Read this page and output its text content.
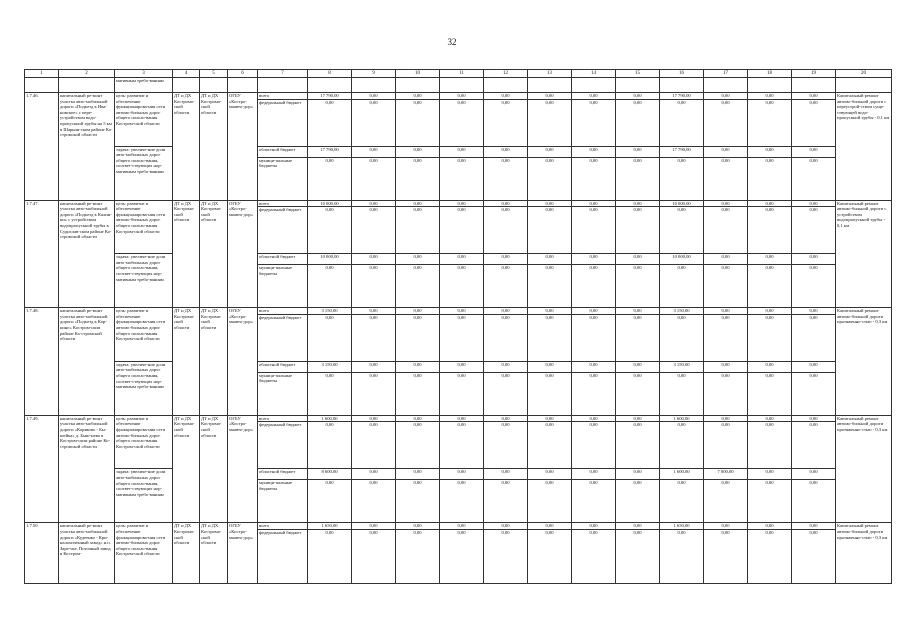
32
1	2	3	4	5	6	7	8	9	10	11	12	13	14	15	16	17	18	19	20
		мативным требо-ваниям																	
1.7.46.	капитальный ре-монт участка авто-мобильной дороги «Подъезд к Ива-новское» с пере-устройством водо-пропускной трубы на 5 км в Шарьин-ском районе Ко-стромской области	цель: развитие и обеспечение функционирова-ния сети автомо-бильных дорог общего пользо-вания Костром-ской области	ДТ и ДХ Кострома-ской области	ДТ и ДХ Кострома-ской области	ОГБУ «Костро-маавто-дор»	всего	17 790,00	0,00	0,00	0,00	0,00	0,00	0,00	0,00	17 790,00	0,00	0,00	0,00	Капитальный ремонт автомо-бильной дороги с переустрой-ством суще-ствующей водо-пропускной трубы - 0,1 км
						федеральный бюджет	0,00	0,00	0,00	0,00	0,00	0,00	0,00	0,00	0,00	0,00	0,00	0,00	
		задача: увеличе-ние доли авто-мобильных дорог общего пользо-вания, соответ-ствующих нор-мативным требо-ваниям				областной бюджет	17 790,00	0,00	0,00	0,00	0,00	0,00	0,00	0,00	17 790,00	0,00	0,00	0,00	
						муници-пальные бюджеты	0,00	0,00	0,00	0,00	0,00	0,00	0,00	0,00	0,00	0,00	0,00	0,00	
1.7.47.	капитальный ре-монт участка авто-мобильной дороги «Подъезд к Калин-ки» с устройством водопропускной трубы в Судислав-ском районе Ко-стромской области	цель: развитие и обеспечение функционирова-ния сети автомо-бильных дорог общего пользо-вания Костром-ской области	ДТ и ДХ Кострома-ской области	ДТ и ДХ Кострома-ской области	ОГБУ «Костро-маавто-дор»	всего	10 000,00	0,00	0,00	0,00	0,00	0,00	0,00	0,00	10 000,00	0,00	0,00	0,00	Капитальный ремонт автомо-бильной дороги с устройством водопропускной трубы - 0,1 км
						федеральный бюджет	0,00	0,00	0,00	0,00	0,00	0,00	0,00	0,00	0,00	0,00	0,00	0,00	
		задача: увеличе-ние доли авто-мобильных дорог общего пользо-вания, соответ-ствующих нор-мативным требо-ваниям				областной бюджет	10 000,00	0,00	0,00	0,00	0,00	0,00	0,00	0,00	10 000,00	0,00	0,00	0,00	
						муници-пальные бюджеты	0,00	0,00	0,00	0,00	0,00	0,00	0,00	0,00	0,00	0,00	0,00	0,00	
1.7.48.	капитальный ре-монт участка авто-мобильной дороги «Подъезд к Кор-кино» Костром-ском районе Ко-стромской области	цель: развитие и обеспечение функционирова-ния сети автомо-бильных дорог общего пользо-вания Костром-ской области	ДТ и ДХ Кострома-ской области	ДТ и ДХ Кострома-ской области	ОГБУ «Костро-маавто-дор»	всего	3 150,00	0,00	0,00	0,00	0,00	0,00	0,00	0,00	3 150,00	0,00	0,00	0,00	Капитальный ремонт автомо-бильной дороги протяженно-стью - 0,3 км
						федеральный бюджет	0,00	0,00	0,00	0,00	0,00	0,00	0,00	0,00	0,00	0,00	0,00	0,00	
		задача: увеличе-ние доли авто-мобильных дорог общего пользо-вания, соответ-ствующих нор-мативным требо-ваниям				областной бюджет	3 150,00	0,00	0,00	0,00	0,00	0,00	0,00	0,00	3 150,00	0,00	0,00	0,00	
						муници-пальные бюджеты	0,00	0,00	0,00	0,00	0,00	0,00	0,00	0,00	0,00	0,00	0,00	0,00	
1.7.49.	капитальный ре-монт участка авто-мобильной дороги «Коряково - Бы-шейка» д. Быш-нево в Костром-ском районе Ко-стромской области	цель: развитие и обеспечение функционирова-ния сети автомо-бильных дорог общего пользо-вания Костром-ской области	ДТ и ДХ Кострома-ской области	ДТ и ДХ Кострома-ской области	ОГБУ «Костро-маавто-дор»	всего	1 600,00	0,00	0,00	0,00	0,00	0,00	0,00	0,00	1 600,00	0,00	0,00	0,00	Капитальный ремонт автомо-бильной дороги протяженно-стью - 0,3 км
						федеральный бюджет	0,00	0,00	0,00	0,00	0,00	0,00	0,00	0,00	0,00	0,00	0,00	0,00	
		задача: увеличе-ние доли авто-мобильных дорог общего пользо-вания, соответ-ствующих нор-мативным требо-ваниям				областной бюджет	8 600,00	0,00	0,00	0,00	0,00	0,00	0,00	0,00	1 600,00	7 000,00	0,00	0,00	
						муници-пальные бюджеты	0,00	0,00	0,00	0,00	0,00	0,00	0,00	0,00	0,00	0,00	0,00	0,00	
1.7.50.	капитальный ре-монт участка авто-мобильной дороги «Кудеенко - Кри-налохиченный завод» н.п. Заре-чье, Поточный завод в Костром-	цель: развитие и обеспечение функционирова-ния сети автомо-бильных дорог общего пользо-вания Костром-ской области	ДТ и ДХ Кострома-ской области	ДТ и ДХ Кострома-ской области	ОГБУ «Костро-маавто-дор»	всего	1 650,00	0,00	0,00	0,00	0,00	0,00	0,00	0,00	1 650,00	0,00	0,00	0,00	Капитальный ремонт автомо-бильной дороги протяженно-стью - 0,3 км
						федеральный бюджет	0,00	0,00	0,00	0,00	0,00	0,00	0,00	0,00	0,00	0,00	0,00	0,00	
